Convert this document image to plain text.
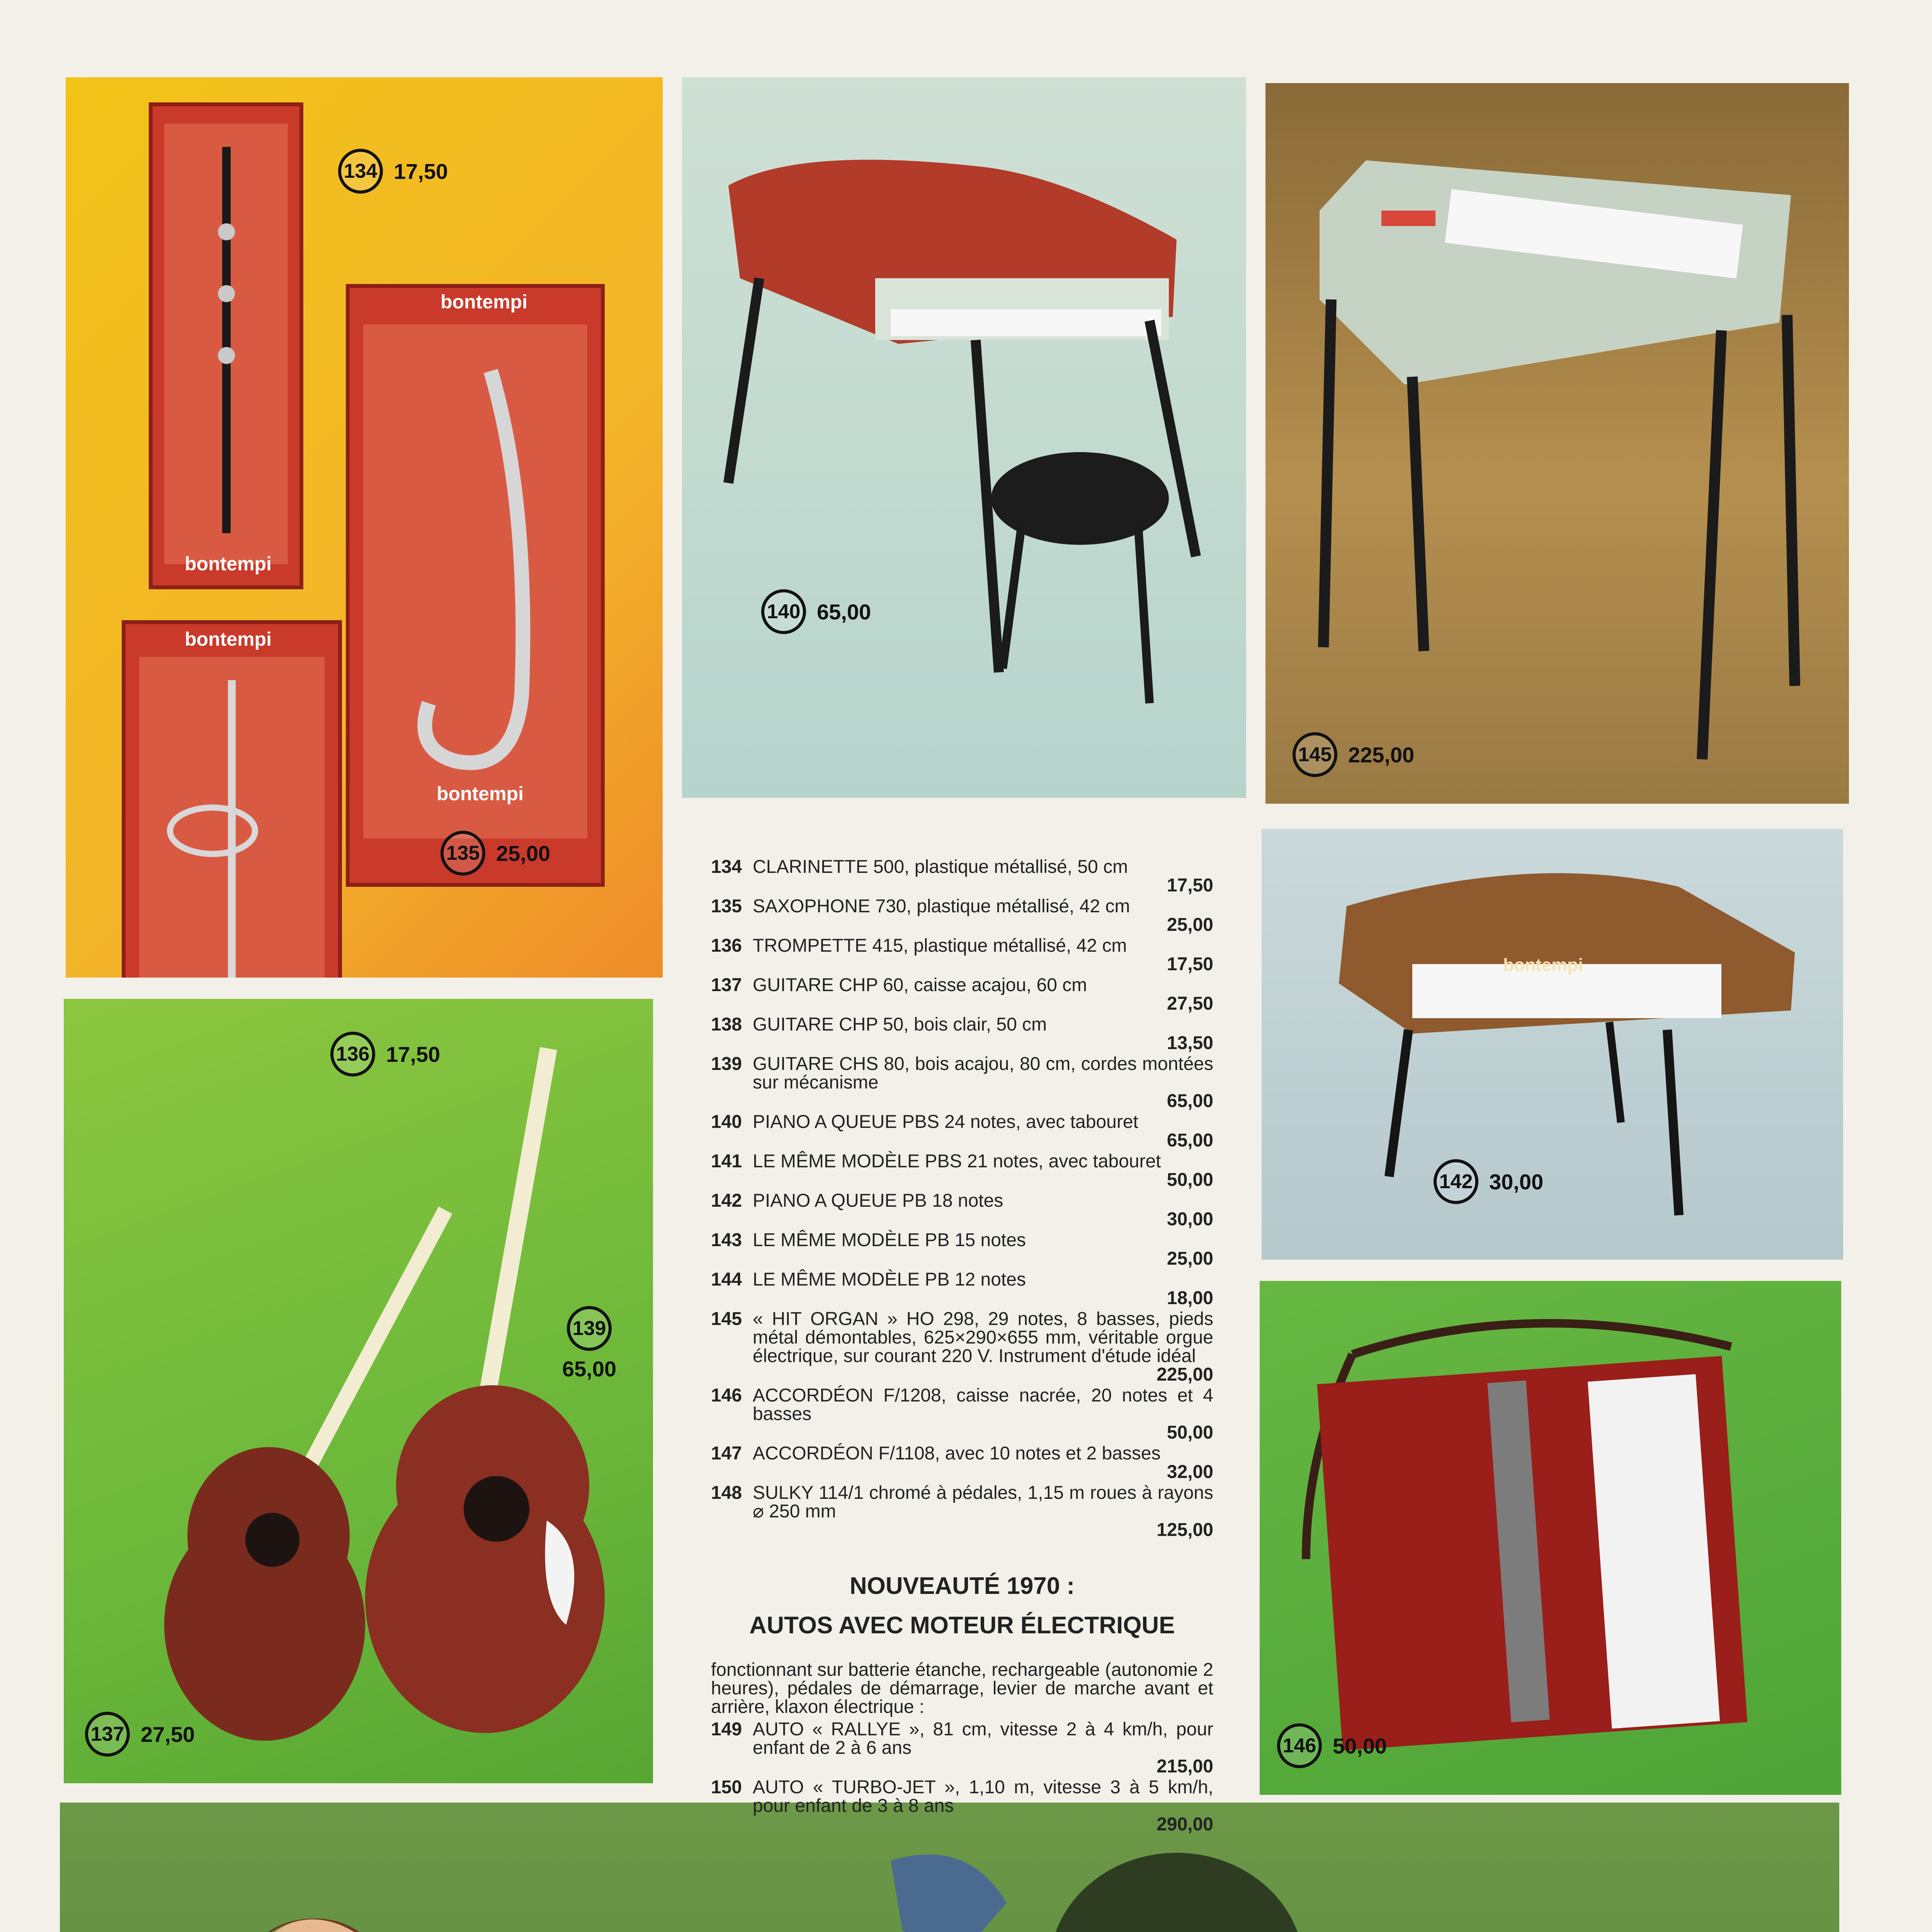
bontempi
bontempi
bontempi
bontempi
bontempi
134 17,50
135 25,00
136 17,50
137 27,50
139
65,00
140 65,00
145 225,00
142 30,00
146 50,00
134 CLARINETTE 500, plastique métallisé, 50 cm
17,50
135 SAXOPHONE 730, plastique métallisé, 42 cm
25,00
136 TROMPETTE 415, plastique métallisé, 42 cm
17,50
137 GUITARE CHP 60, caisse acajou, 60 cm
27,50
138 GUITARE CHP 50, bois clair, 50 cm
13,50
139 GUITARE CHS 80, bois acajou, 80 cm, cordes montées sur mécanisme
65,00
140 PIANO A QUEUE PBS 24 notes, avec tabouret
65,00
141 LE MÊME MODÈLE PBS 21 notes, avec tabouret
50,00
142 PIANO A QUEUE PB 18 notes
30,00
143 LE MÊME MODÈLE PB 15 notes
25,00
144 LE MÊME MODÈLE PB 12 notes
18,00
145 « HIT ORGAN » HO 298, 29 notes, 8 basses, pieds métal démontables, 625×290×655 mm, véritable orgue électrique, sur courant 220 V. Instrument d'étude idéal
225,00
146 ACCORDÉON F/1208, caisse nacrée, 20 notes et 4 basses
50,00
147 ACCORDÉON F/1108, avec 10 notes et 2 basses
32,00
148 SULKY 114/1 chromé à pédales, 1,15 m roues à rayons ⌀ 250 mm
125,00
NOUVEAUTÉ 1970 :
AUTOS AVEC MOTEUR ÉLECTRIQUE
fonctionnant sur batterie étanche, rechargeable (autonomie 2 heures), pédales de démarrage, levier de marche avant et arrière, klaxon électrique :
149 AUTO « RALLYE », 81 cm, vitesse 2 à 4 km/h, pour enfant de 2 à 6 ans
215,00
150 AUTO « TURBO-JET », 1,10 m, vitesse 3 à 5 km/h, pour enfant de 3 à 8 ans
290,00
